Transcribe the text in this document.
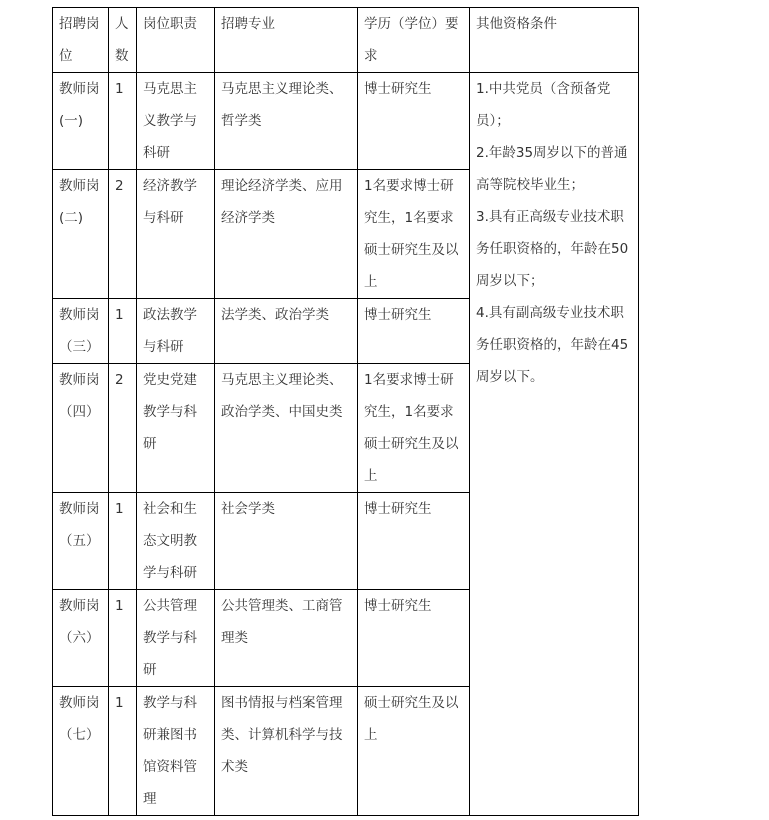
招聘岗位	人数	岗位职责	招聘专业	学历（学位）要求	其他资格条件
教师岗(一)	1	马克思主义教学与科研	马克思主义理论类、哲学类	博士研究生	1.中共党员（含预备党员）；
2.年龄35周岁以下的普通高等院校毕业生；
3.具有正高级专业技术职务任职资格的，年龄在50周岁以下；
4.具有副高级专业技术职务任职资格的，年龄在45周岁以下。

教师岗(二)	2	经济教学与科研	理论经济学类、应用经济学类	1名要求博士研究生，1名要求硕士研究生及以上	
教师岗（三）	1	政法教学与科研	法学类、政治学类	博士研究生	
教师岗（四）	2	党史党建教学与科研	马克思主义理论类、政治学类、中国史类	1名要求博士研究生，1名要求硕士研究生及以上	
教师岗（五）	1	社会和生态文明教学与科研	社会学类	博士研究生	
教师岗（六）	1	公共管理教学与科研	公共管理类、工商管理类	博士研究生	
教师岗（七）	1	教学与科研兼图书馆资料管理	图书情报与档案管理类、计算机科学与技术类	硕士研究生及以上	
